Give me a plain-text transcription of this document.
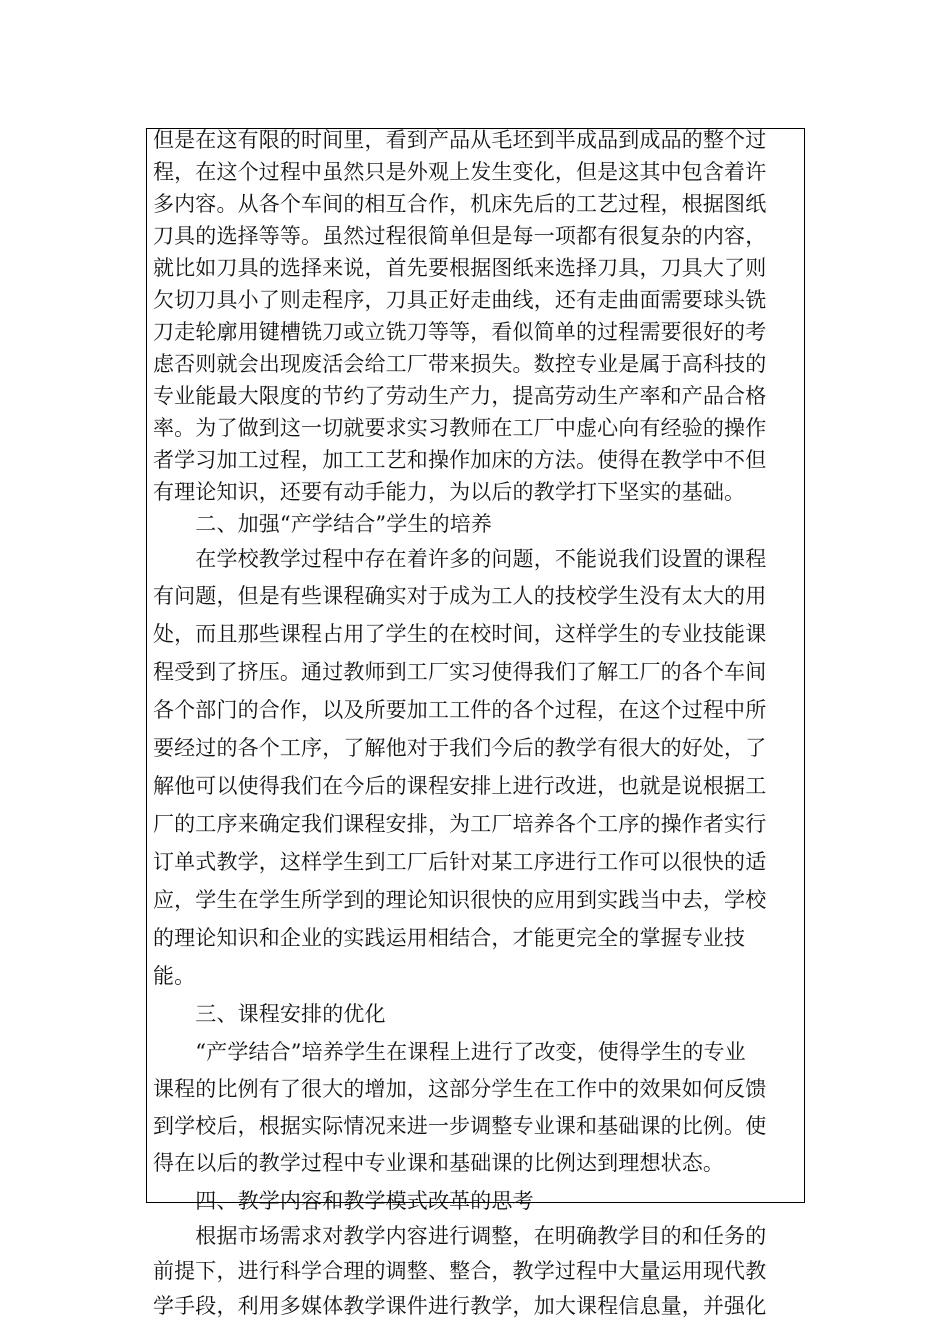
但是在这有限的时间里，看到产品从毛坯到半成品到成品的整个过
程，在这个过程中虽然只是外观上发生变化，但是这其中包含着许
多内容。从各个车间的相互合作，机床先后的工艺过程，根据图纸
刀具的选择等等。虽然过程很简单但是每一项都有很复杂的内容，
就比如刀具的选择来说，首先要根据图纸来选择刀具，刀具大了则
欠切刀具小了则走程序，刀具正好走曲线，还有走曲面需要球头铣
刀走轮廓用键槽铣刀或立铣刀等等，看似简单的过程需要很好的考
虑否则就会出现废活会给工厂带来损失。数控专业是属于高科技的
专业能最大限度的节约了劳动生产力，提高劳动生产率和产品合格
率。为了做到这一切就要求实习教师在工厂中虚心向有经验的操作
者学习加工过程，加工工艺和操作加床的方法。使得在教学中不但
有理论知识，还要有动手能力，为以后的教学打下坚实的基础。
　　二、加强“产学结合”学生的培养
　　在学校教学过程中存在着许多的问题，不能说我们设置的课程
有问题，但是有些课程确实对于成为工人的技校学生没有太大的用
处，而且那些课程占用了学生的在校时间，这样学生的专业技能课
程受到了挤压。通过教师到工厂实习使得我们了解工厂的各个车间
各个部门的合作，以及所要加工工件的各个过程，在这个过程中所
要经过的各个工序，了解他对于我们今后的教学有很大的好处，了
解他可以使得我们在今后的课程安排上进行改进，也就是说根据工
厂的工序来确定我们课程安排，为工厂培养各个工序的操作者实行
订单式教学，这样学生到工厂后针对某工序进行工作可以很快的适
应，学生在学生所学到的理论知识很快的应用到实践当中去，学校
的理论知识和企业的实践运用相结合，才能更完全的掌握专业技
能。
　　三、课程安排的优化
　　“产学结合”培养学生在课程上进行了改变，使得学生的专业
课程的比例有了很大的增加，这部分学生在工作中的效果如何反馈
到学校后，根据实际情况来进一步调整专业课和基础课的比例。使
得在以后的教学过程中专业课和基础课的比例达到理想状态。
　　四、教学内容和教学模式改革的思考
　　根据市场需求对教学内容进行调整，在明确教学目的和任务的
前提下，进行科学合理的调整、整合，教学过程中大量运用现代教
学手段，利用多媒体教学课件进行教学，加大课程信息量，并强化
